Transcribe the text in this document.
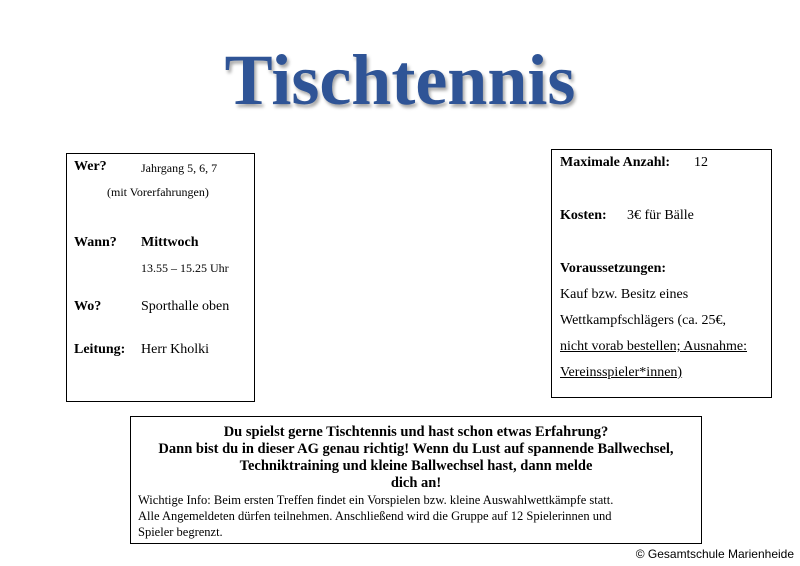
Tischtennis
Wer?	Jahrgang 5, 6, 7
(mit Vorerfahrungen)
Wann? Mittwoch
13.55 – 15.25 Uhr
Wo?	Sporthalle oben
Leitung: Herr Kholki
Maximale Anzahl: 12
Kosten: 3€ für Bälle
Voraussetzungen:
Kauf bzw. Besitz eines
Wettkampfschlägers (ca. 25€,
nicht vorab bestellen; Ausnahme:
Vereinsspieler*innen)
Du spielst gerne Tischtennis und hast schon etwas Erfahrung?
Dann bist du in dieser AG genau richtig! Wenn du Lust auf spannende Ballwechsel,
Techniktraining und kleine Ballwechsel hast, dann melde
dich an!
Wichtige Info: Beim ersten Treffen findet ein Vorspielen bzw. kleine Auswahlwettkämpfe statt.
Alle Angemeldeten dürfen teilnehmen. Anschließend wird die Gruppe auf 12 Spielerinnen und
Spieler begrenzt.
© Gesamtschule Marienheide
